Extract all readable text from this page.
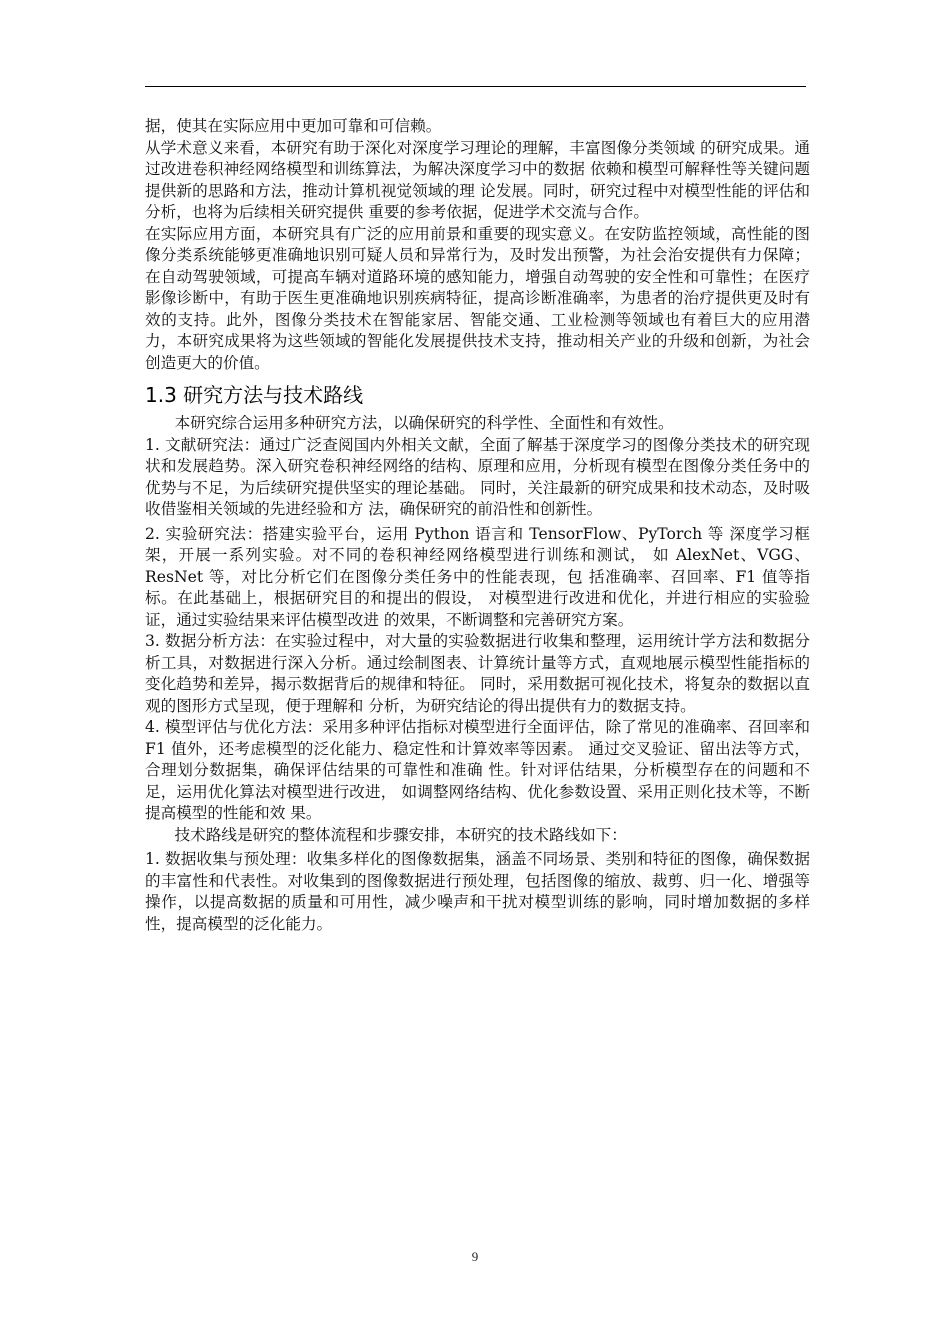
据，使其在实际应用中更加可靠和可信赖。

从学术意义来看，本研究有助于深化对深度学习理论的理解，丰富图像分类领域 的研究成果。通过改进卷积神经网络模型和训练算法，为解决深度学习中的数据 依赖和模型可解释性等关键问题提供新的思路和方法，推动计算机视觉领域的理 论发展。同时，研究过程中对模型性能的评估和分析，也将为后续相关研究提供 重要的参考依据，促进学术交流与合作。

在实际应用方面，本研究具有广泛的应用前景和重要的现实意义。在安防监控领域，高性能的图像分类系统能够更准确地识别可疑人员和异常行为，及时发出预警，为社会治安提供有力保障；在自动驾驶领域，可提高车辆对道路环境的感知能力，增强自动驾驶的安全性和可靠性；在医疗影像诊断中，有助于医生更准确地识别疾病特征，提高诊断准确率，为患者的治疗提供更及时有效的支持。此外，图像分类技术在智能家居、智能交通、工业检测等领域也有着巨大的应用潜力，本研究成果将为这些领域的智能化发展提供技术支持，推动相关产业的升级和创新，为社会创造更大的价值。

1.3 研究方法与技术路线

本研究综合运用多种研究方法，以确保研究的科学性、全面性和有效性。

1. 文献研究法：通过广泛查阅国内外相关文献，全面了解基于深度学习的图像分类技术的研究现状和发展趋势。深入研究卷积神经网络的结构、原理和应用，分析现有模型在图像分类任务中的优势与不足，为后续研究提供坚实的理论基础。 同时，关注最新的研究成果和技术动态，及时吸收借鉴相关领域的先进经验和方 法，确保研究的前沿性和创新性。

2. 实验研究法：搭建实验平台，运用 Python 语言和 TensorFlow、PyTorch 等 深度学习框架，开展一系列实验。对不同的卷积神经网络模型进行训练和测试， 如 AlexNet、VGG、ResNet 等，对比分析它们在图像分类任务中的性能表现，包 括准确率、召回率、F1 值等指标。在此基础上，根据研究目的和提出的假设， 对模型进行改进和优化，并进行相应的实验验证，通过实验结果来评估模型改进 的效果，不断调整和完善研究方案。

3. 数据分析方法：在实验过程中，对大量的实验数据进行收集和整理，运用统计学方法和数据分析工具，对数据进行深入分析。通过绘制图表、计算统计量等方式，直观地展示模型性能指标的变化趋势和差异，揭示数据背后的规律和特征。 同时，采用数据可视化技术，将复杂的数据以直观的图形方式呈现，便于理解和 分析，为研究结论的得出提供有力的数据支持。

4. 模型评估与优化方法：采用多种评估指标对模型进行全面评估，除了常见的准确率、召回率和 F1 值外，还考虑模型的泛化能力、稳定性和计算效率等因素。 通过交叉验证、留出法等方式，合理划分数据集，确保评估结果的可靠性和准确 性。针对评估结果，分析模型存在的问题和不足，运用优化算法对模型进行改进， 如调整网络结构、优化参数设置、采用正则化技术等，不断提高模型的性能和效 果。

技术路线是研究的整体流程和步骤安排，本研究的技术路线如下：

1. 数据收集与预处理：收集多样化的图像数据集，涵盖不同场景、类别和特征的图像，确保数据的丰富性和代表性。对收集到的图像数据进行预处理，包括图像的缩放、裁剪、归一化、增强等操作，以提高数据的质量和可用性，减少噪声和干扰对模型训练的影响，同时增加数据的多样性，提高模型的泛化能力。

9
